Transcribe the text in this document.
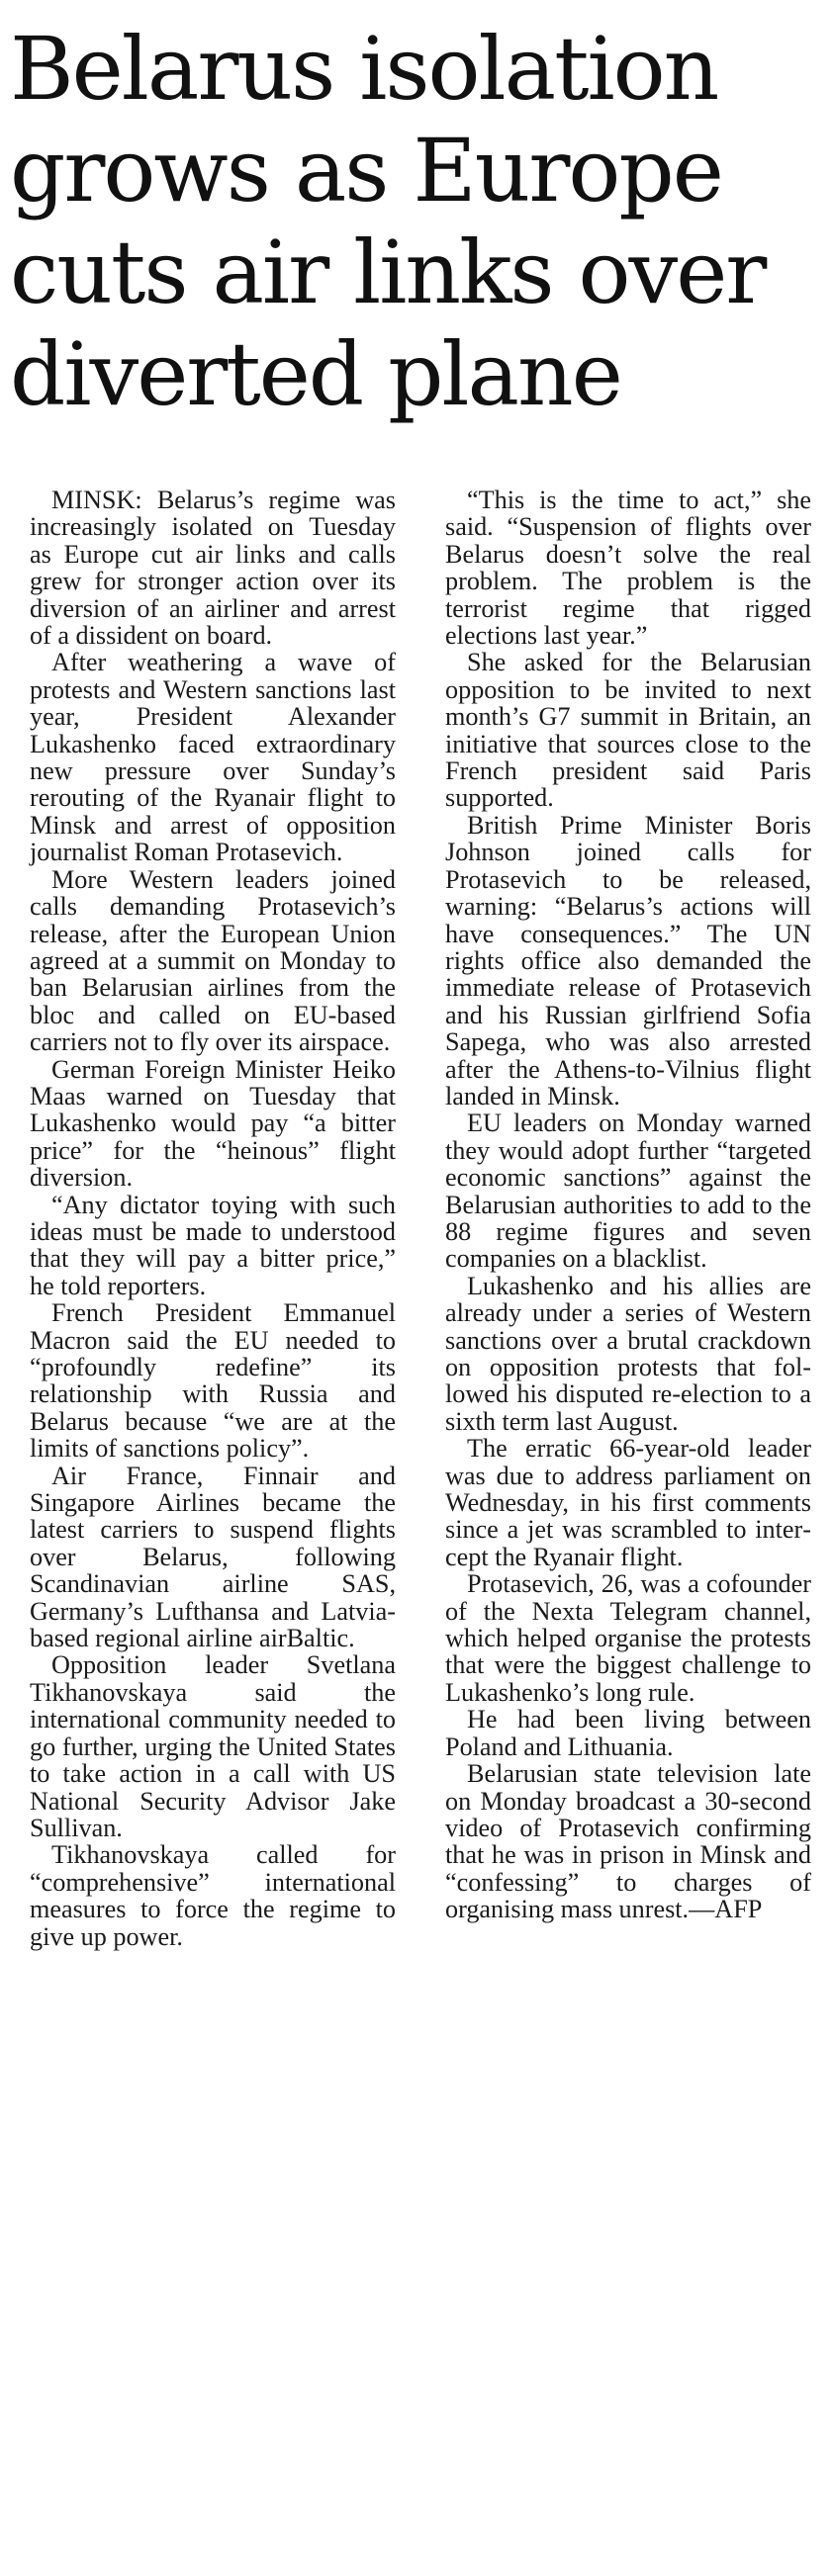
Belarus isolation
grows as Europe
cuts air links over
diverted plane

MINSK: Belarus’s regime was increasingly isolated on Tuesday as Europe cut air links and calls grew for stronger action over its diversion of an airliner and arrest of a dissident on board.

After weathering a wave of protests and Western sanctions last year, President Alexander Lukashenko faced extraordinary new pressure over Sunday’s rerouting of the Ryanair flight to Minsk and arrest of opposition journalist Roman Protasevich.

More Western leaders joined calls demanding Protasevich’s release, after the European Union agreed at a summit on Monday to ban Belarusian airlines from the bloc and called on EU-based carriers not to fly over its airspace.

German Foreign Minister Heiko Maas warned on Tuesday that Lukashenko would pay “a bitter price” for the “heinous” flight diversion.

“Any dictator toying with such ideas must be made to understood that they will pay a bitter price,” he told reporters.

French President Emmanuel Macron said the EU needed to “profoundly redefine” its relationship with Russia and Belarus because “we are at the limits of sanctions policy”.

Air France, Finnair and Singapore Airlines became the latest carriers to suspend flights over Belarus, following Scandinavian airline SAS, Germany’s Lufthansa and Latvia-based regional airline airBaltic.

Opposition leader Svetlana Tikhanovskaya said the international community needed to go further, urging the United States to take action in a call with US National Security Advisor Jake Sullivan.

Tikhanovskaya called for “comprehensive” international measures to force the regime to give up power.

“This is the time to act,” she said. “Suspension of flights over Belarus doesn’t solve the real problem. The problem is the terrorist regime that rigged elections last year.”

She asked for the Belarusian opposition to be invited to next month’s G7 summit in Britain, an initiative that sources close to the French president said Paris supported.

British Prime Minister Boris Johnson joined calls for Protasevich to be released, warning: “Belarus’s actions will have consequences.” The UN rights office also demanded the immediate release of Protasevich and his Russian girlfriend Sofia Sapega, who was also arrested after the Athens-to-Vilnius flight landed in Minsk.

EU leaders on Monday warned they would adopt further “targeted economic sanctions” against the Belarusian authorities to add to the 88 regime figures and seven companies on a blacklist.

Lukashenko and his allies are already under a series of Western sanctions over a brutal crackdown on opposition protests that followed his disputed re-election to a sixth term last August.

The erratic 66-year-old leader was due to address parliament on Wednesday, in his first comments since a jet was scrambled to intercept the Ryanair flight.

Protasevich, 26, was a cofounder of the Nexta Telegram channel, which helped organise the protests that were the biggest challenge to Lukashenko’s long rule.

He had been living between Poland and Lithuania.

Belarusian state television late on Monday broadcast a 30-second video of Protasevich confirming that he was in prison in Minsk and “confessing” to charges of organising mass unrest.—AFP
